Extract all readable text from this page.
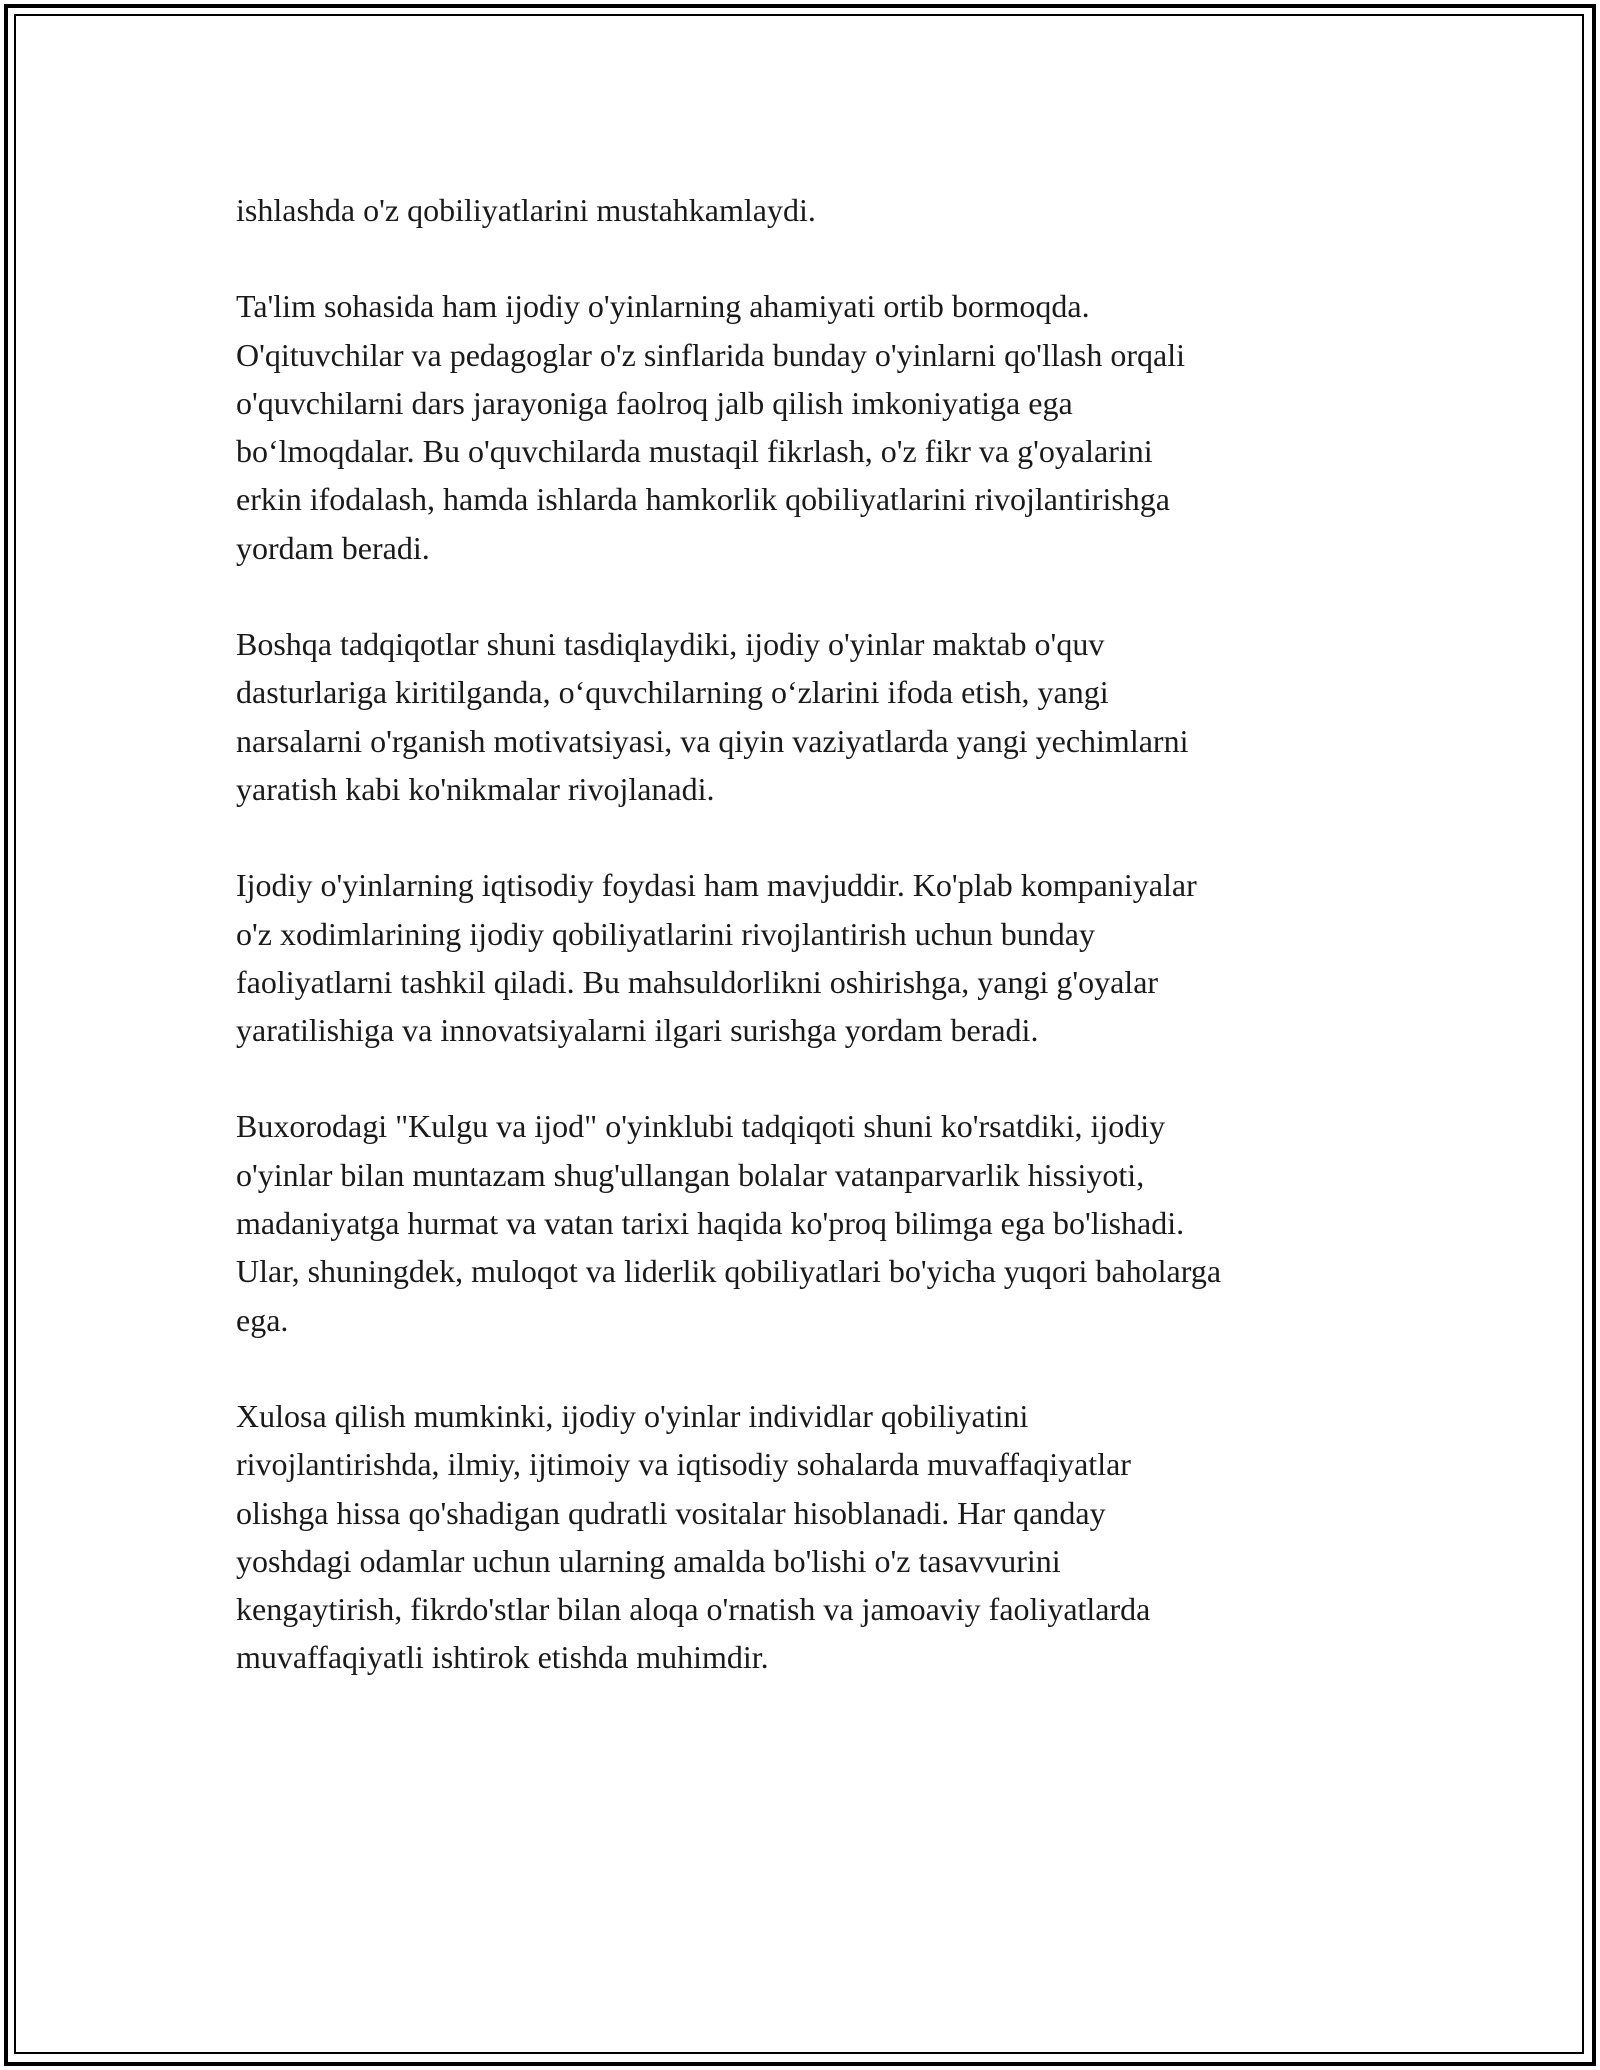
ishlashda o'z qobiliyatlarini mustahkamlaydi.

Ta'lim sohasida ham ijodiy o'yinlarning ahamiyati ortib bormoqda.
O'qituvchilar va pedagoglar o'z sinflarida bunday o'yinlarni qo'llash orqali
o'quvchilarni dars jarayoniga faolroq jalb qilish imkoniyatiga ega
bo‘lmoqdalar. Bu o'quvchilarda mustaqil fikrlash, o'z fikr va g'oyalarini
erkin ifodalash, hamda ishlarda hamkorlik qobiliyatlarini rivojlantirishga
yordam beradi.

Boshqa tadqiqotlar shuni tasdiqlaydiki, ijodiy o'yinlar maktab o'quv
dasturlariga kiritilganda, o‘quvchilarning o‘zlarini ifoda etish, yangi
narsalarni o'rganish motivatsiyasi, va qiyin vaziyatlarda yangi yechimlarni
yaratish kabi ko'nikmalar rivojlanadi.

Ijodiy o'yinlarning iqtisodiy foydasi ham mavjuddir. Ko'plab kompaniyalar
o'z xodimlarining ijodiy qobiliyatlarini rivojlantirish uchun bunday
faoliyatlarni tashkil qiladi. Bu mahsuldorlikni oshirishga, yangi g'oyalar
yaratilishiga va innovatsiyalarni ilgari surishga yordam beradi.

Buxorodagi "Kulgu va ijod" o'yinklubi tadqiqoti shuni ko'rsatdiki, ijodiy
o'yinlar bilan muntazam shug'ullangan bolalar vatanparvarlik hissiyoti,
madaniyatga hurmat va vatan tarixi haqida ko'proq bilimga ega bo'lishadi.
Ular, shuningdek, muloqot va liderlik qobiliyatlari bo'yicha yuqori baholarga
ega.

Xulosa qilish mumkinki, ijodiy o'yinlar individlar qobiliyatini
rivojlantirishda, ilmiy, ijtimoiy va iqtisodiy sohalarda muvaffaqiyatlar
olishga hissa qo'shadigan qudratli vositalar hisoblanadi. Har qanday
yoshdagi odamlar uchun ularning amalda bo'lishi o'z tasavvurini
kengaytirish, fikrdo'stlar bilan aloqa o'rnatish va jamoaviy faoliyatlarda
muvaffaqiyatli ishtirok etishda muhimdir.
